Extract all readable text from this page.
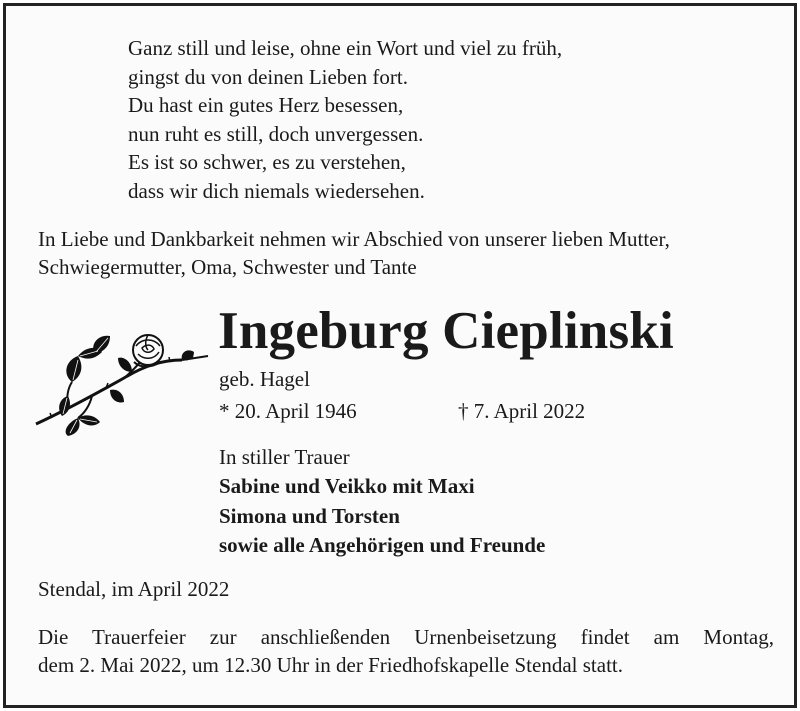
Ganz still und leise, ohne ein Wort und viel zu früh,
gingst du von deinen Lieben fort.
Du hast ein gutes Herz besessen,
nun ruht es still, doch unvergessen.
Es ist so schwer, es zu verstehen,
dass wir dich niemals wiedersehen.
In Liebe und Dankbarkeit nehmen wir Abschied von unserer lieben Mutter,
Schwiegermutter, Oma, Schwester und Tante
Ingeburg Cieplinski
geb. Hagel
* 20. April 1946	† 7. April 2022
In stiller Trauer
Sabine und Veikko mit Maxi
Simona und Torsten
sowie alle Angehörigen und Freunde
Stendal, im April 2022
Die Trauerfeier zur anschließenden Urnenbeisetzung findet am Montag,
dem 2. Mai 2022, um 12.30 Uhr in der Friedhofskapelle Stendal statt.
